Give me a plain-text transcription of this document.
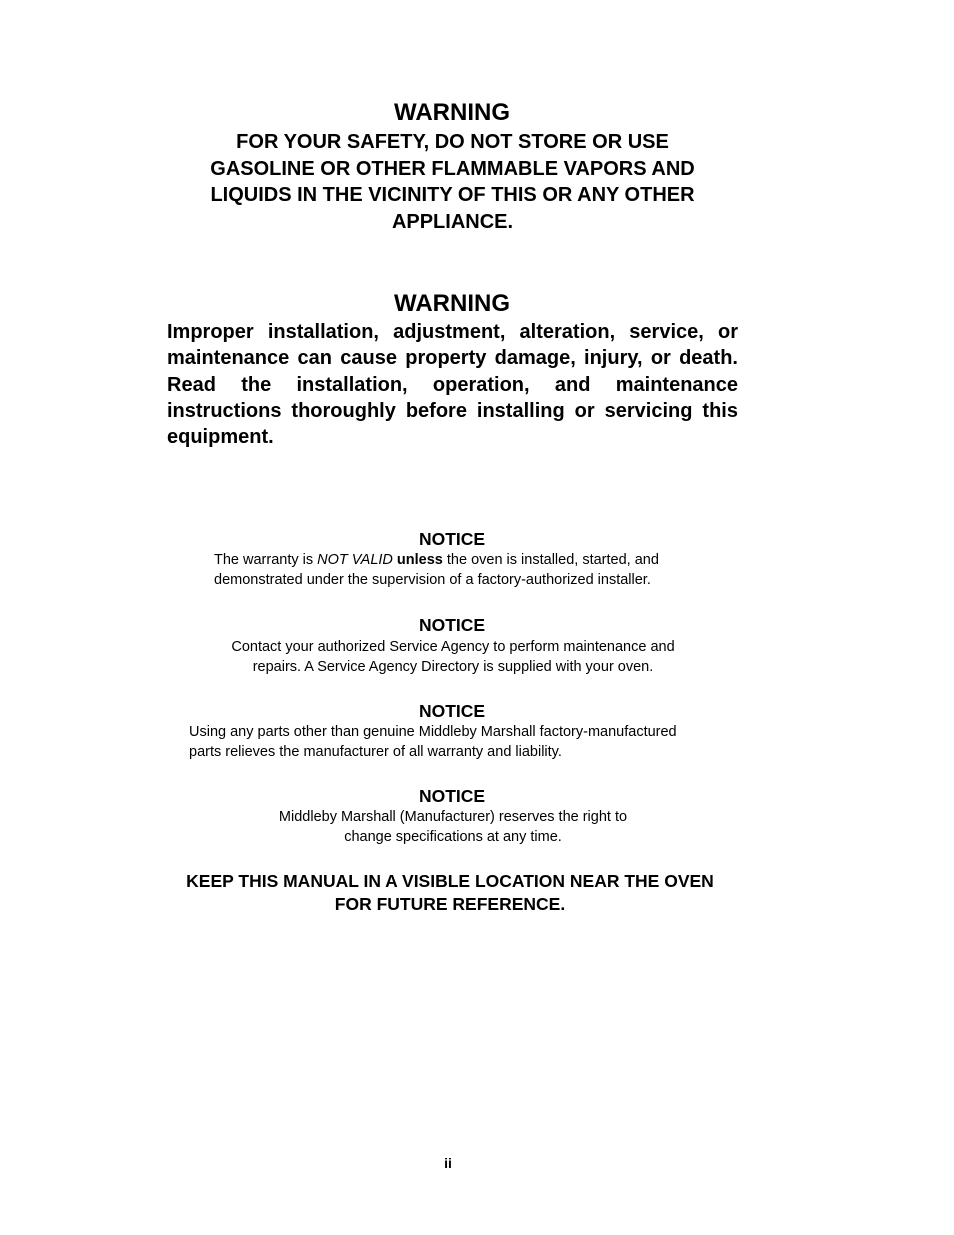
WARNING

FOR YOUR SAFETY, DO NOT STORE OR USE
GASOLINE OR OTHER FLAMMABLE VAPORS AND
LIQUIDS IN THE VICINITY OF THIS OR ANY OTHER
APPLIANCE.

WARNING

Improper installation, adjustment, alteration, service, or maintenance can cause property damage, injury, or death. Read the installation, operation, and maintenance instructions thoroughly before installing or servicing this equipment.

NOTICE

The warranty is NOT VALID unless the oven is installed, started, and demonstrated under the supervision of a factory-authorized installer.

NOTICE

Contact your authorized Service Agency to perform maintenance and
repairs. A Service Agency Directory is supplied with your oven.

NOTICE

Using any parts other than genuine Middleby Marshall factory-manufactured
parts relieves the manufacturer of all warranty and liability.

NOTICE

Middleby Marshall (Manufacturer) reserves the right to
change specifications at any time.

KEEP THIS MANUAL IN A VISIBLE LOCATION NEAR THE OVEN
FOR FUTURE REFERENCE.

ii
